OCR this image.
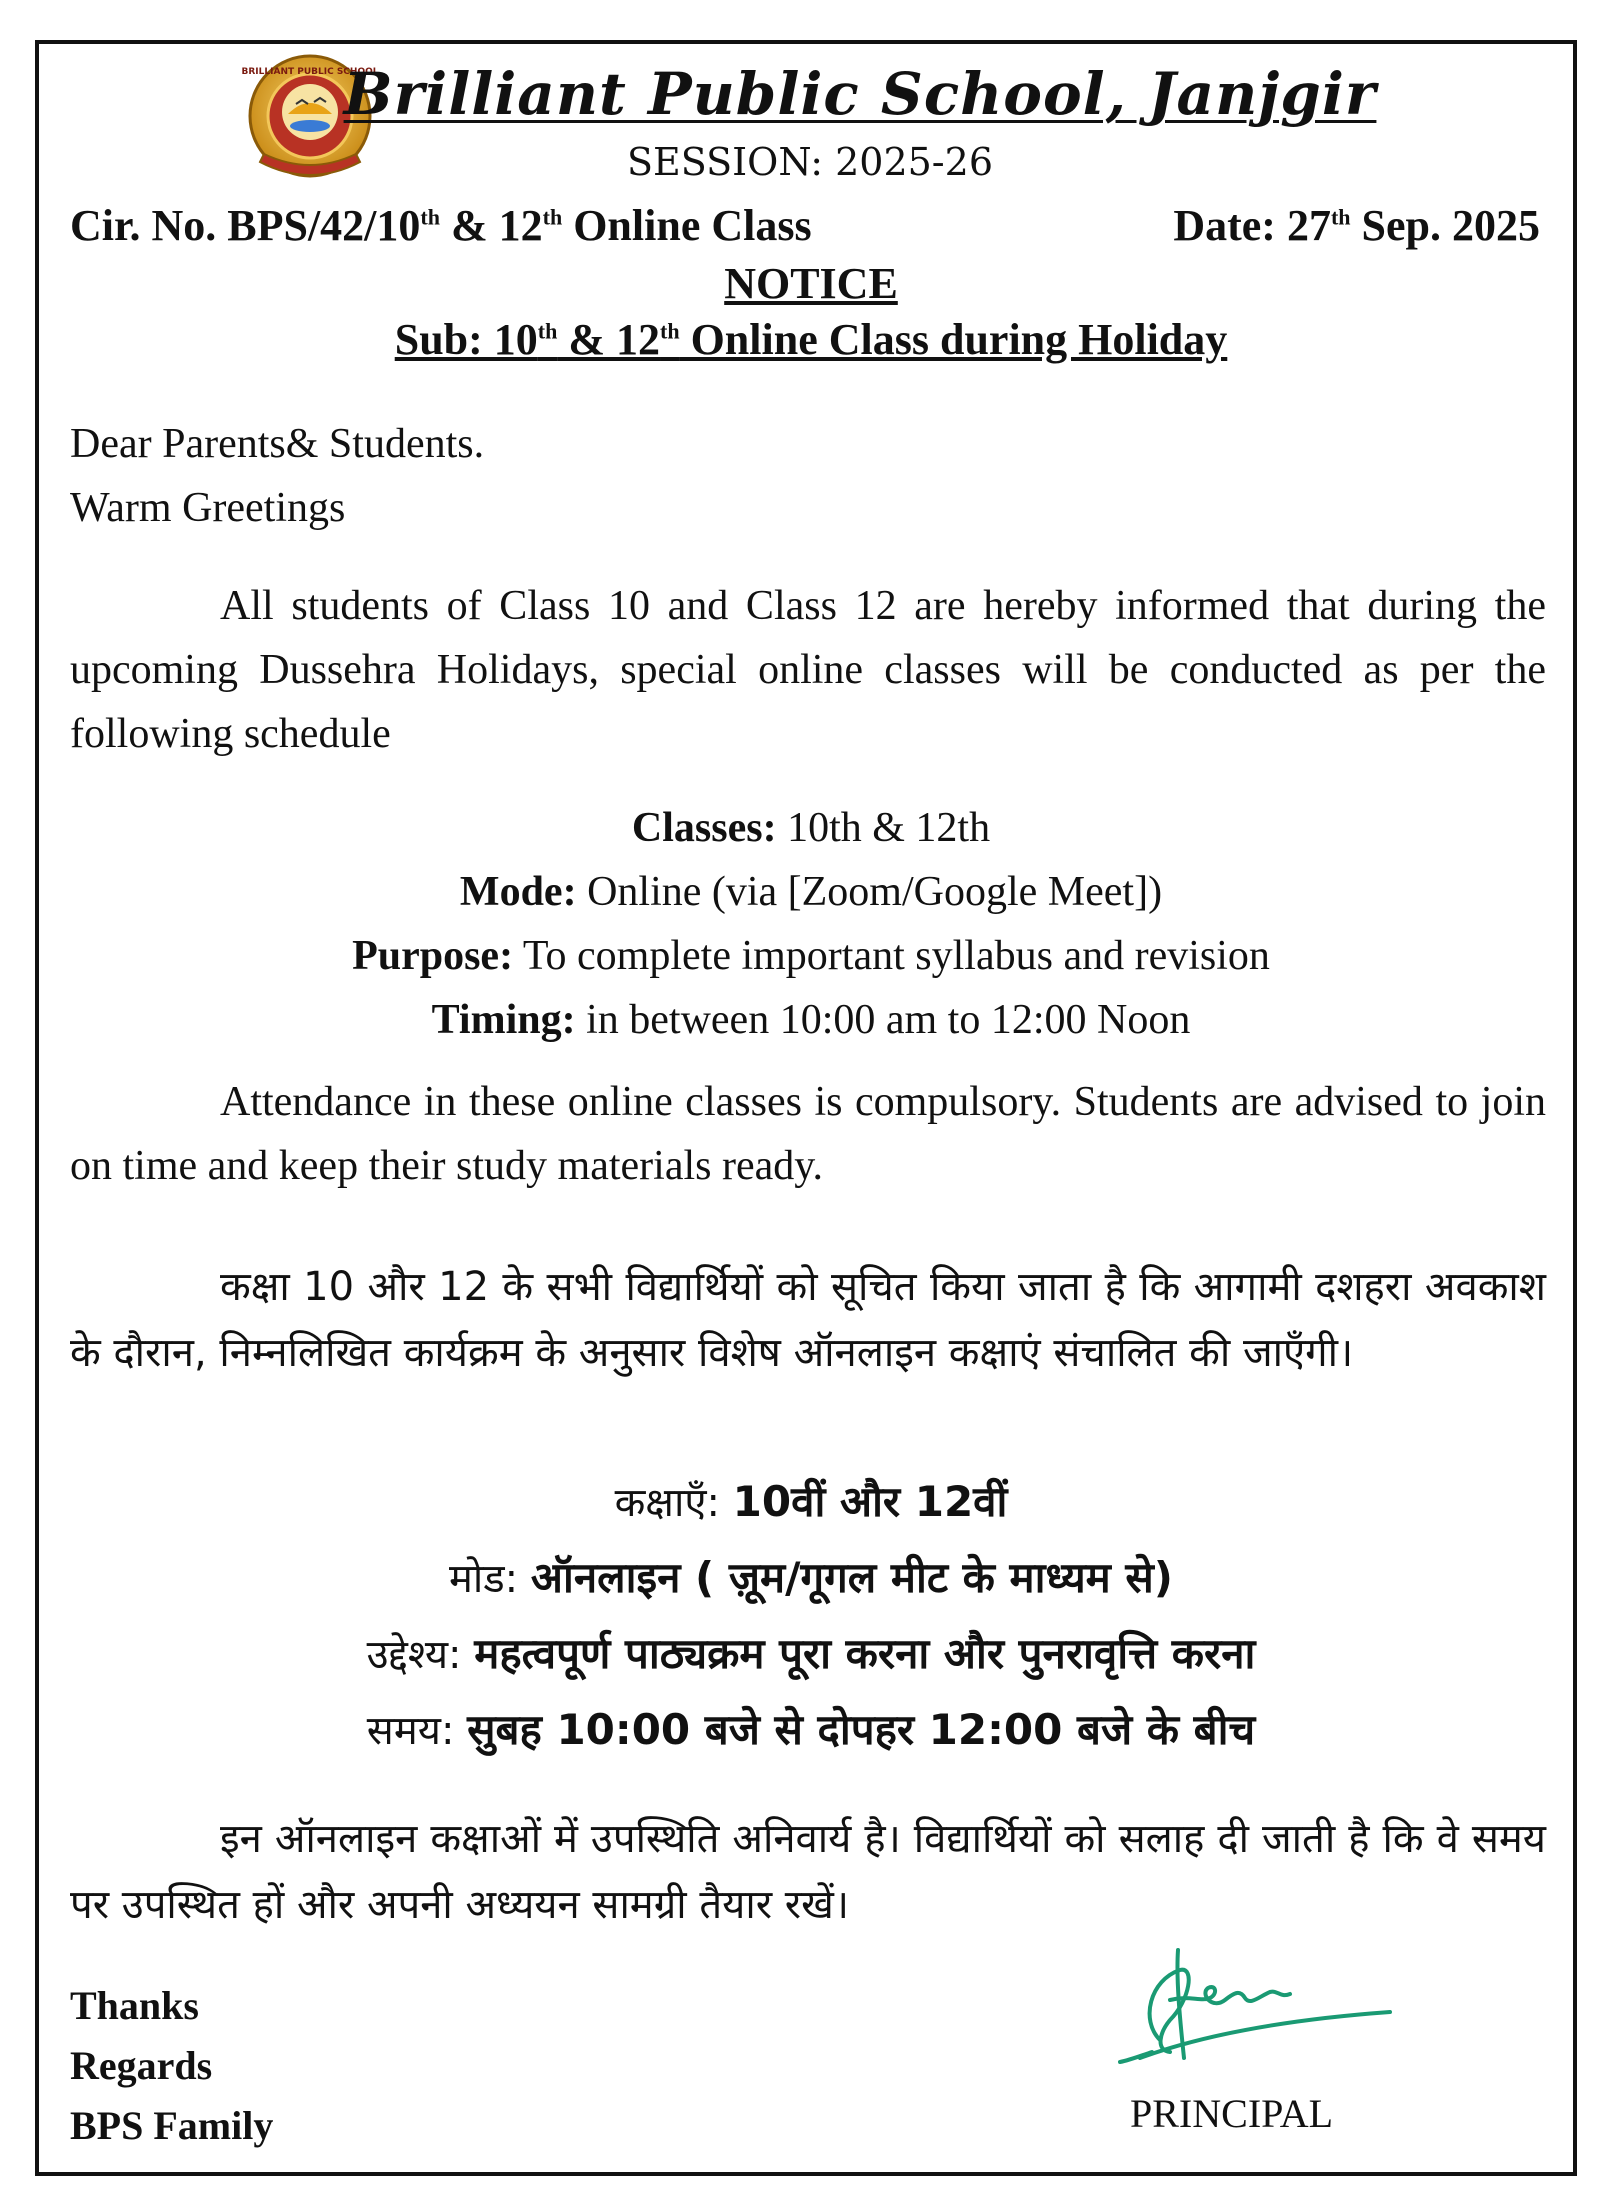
BRILLIANT PUBLIC SCHOOL
Brilliant Public School, Janjgir
SESSION: 2025-26
Cir. No. BPS/42/10th & 12th Online Class	Date: 27th Sep. 2025
NOTICE
Sub: 10th & 12th Online Class during Holiday
Dear Parents& Students.
Warm Greetings
All students of Class 10 and Class 12 are hereby informed that during the upcoming Dussehra Holidays, special online classes will be conducted as per the following schedule
Classes: 10th & 12th
Mode: Online (via [Zoom/Google Meet])
Purpose: To complete important syllabus and revision
Timing: in between 10:00 am to 12:00 Noon
Attendance in these online classes is compulsory. Students are advised to join on time and keep their study materials ready.
कक्षा 10 और 12 के सभी विद्यार्थियों को सूचित किया जाता है कि आगामी दशहरा अवकाश के दौरान, निम्नलिखित कार्यक्रम के अनुसार विशेष ऑनलाइन कक्षाएं संचालित की जाएँगी।
कक्षाएँ: 10वीं और 12वीं
मोड: ऑनलाइन ( ज़ूम/गूगल मीट के माध्यम से)
उद्देश्य: महत्वपूर्ण पाठ्यक्रम पूरा करना और पुनरावृत्ति करना
समय: सुबह 10:00 बजे से दोपहर 12:00 बजे के बीच
इन ऑनलाइन कक्षाओं में उपस्थिति अनिवार्य है। विद्यार्थियों को सलाह दी जाती है कि वे समय पर उपस्थित हों और अपनी अध्ययन सामग्री तैयार रखें।
Thanks
Regards
BPS Family	PRINCIPAL
